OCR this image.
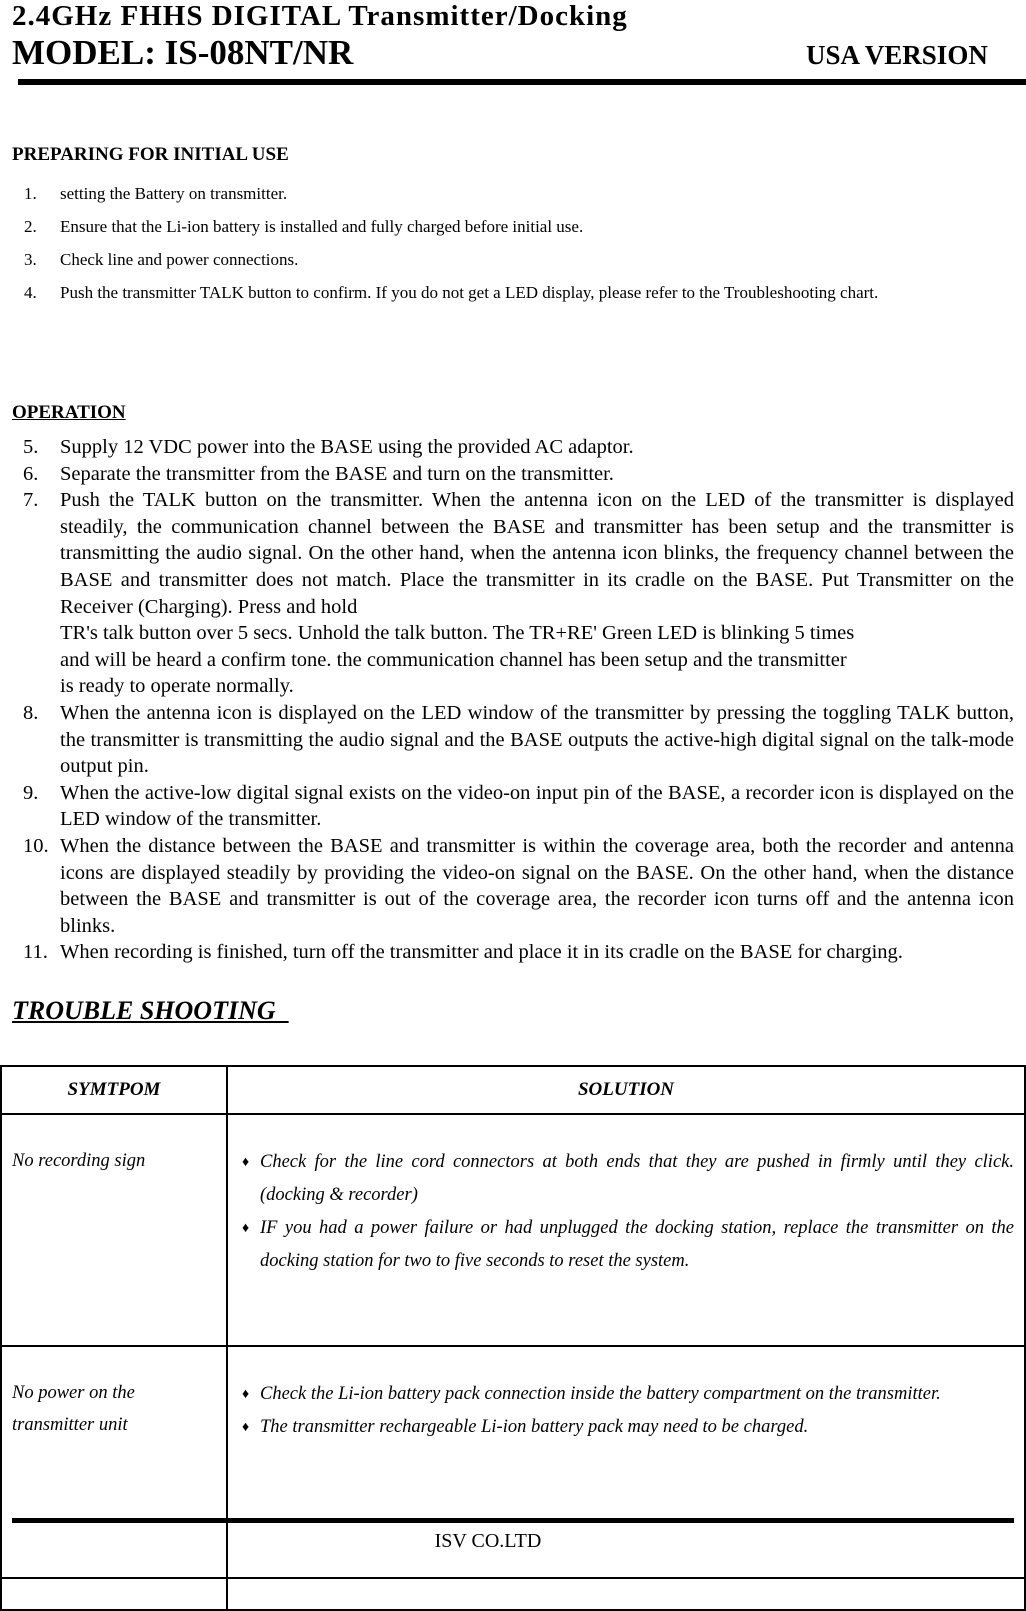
2.4GHz FHHS DIGITAL Transmitter/Docking
MODEL: IS-08NT/NR	USA VERSION
PREPARING FOR INITIAL USE
1. setting the Battery on transmitter.
2. Ensure that the Li-ion battery is installed and fully charged before initial use.
3. Check line and power connections.
4. Push the transmitter TALK button to confirm. If you do not get a LED display, please refer to the Troubleshooting chart.
OPERATION
5. Supply 12 VDC power into the BASE using the provided AC adaptor.
6. Separate the transmitter from the BASE and turn on the transmitter.
7. Push the TALK button on the transmitter. When the antenna icon on the LED of the transmitter is displayed steadily, the communication channel between the BASE and transmitter has been setup and the transmitter is transmitting the audio signal. On the other hand, when the antenna icon blinks, the frequency channel between the BASE and transmitter does not match. Place the transmitter in its cradle on the BASE. Put Transmitter on the Receiver (Charging). Press and hold
TR's talk button over 5 secs. Unhold the talk button. The TR+RE' Green LED is blinking 5 times
and will be heard a confirm tone. the communication channel has been setup and the transmitter
is ready to operate normally.
8. When the antenna icon is displayed on the LED window of the transmitter by pressing the toggling TALK button, the transmitter is transmitting the audio signal and the BASE outputs the active-high digital signal on the talk-mode output pin.
9. When the active-low digital signal exists on the video-on input pin of the BASE, a recorder icon is displayed on the LED window of the transmitter.
10. When the distance between the BASE and transmitter is within the coverage area, both the recorder and antenna icons are displayed steadily by providing the video-on signal on the BASE. On the other hand, when the distance between the BASE and transmitter is out of the coverage area, the recorder icon turns off and the antenna icon blinks.
11. When recording is finished, turn off the transmitter and place it in its cradle on the BASE for charging.
TROUBLE SHOOTING
SYMTPOM	SOLUTION
No recording sign	♦ Check for the line cord connectors at both ends that they are pushed in firmly until they click.(docking & recorder)
♦ IF you had a power failure or had unplugged the docking station, replace the transmitter on the docking station for two to five seconds to reset the system.

No power on the transmitter unit	♦ Check the Li-ion battery pack connection inside the battery compartment on the transmitter.
♦ The transmitter rechargeable Li-ion battery pack may need to be charged.

ISV CO.LTD
